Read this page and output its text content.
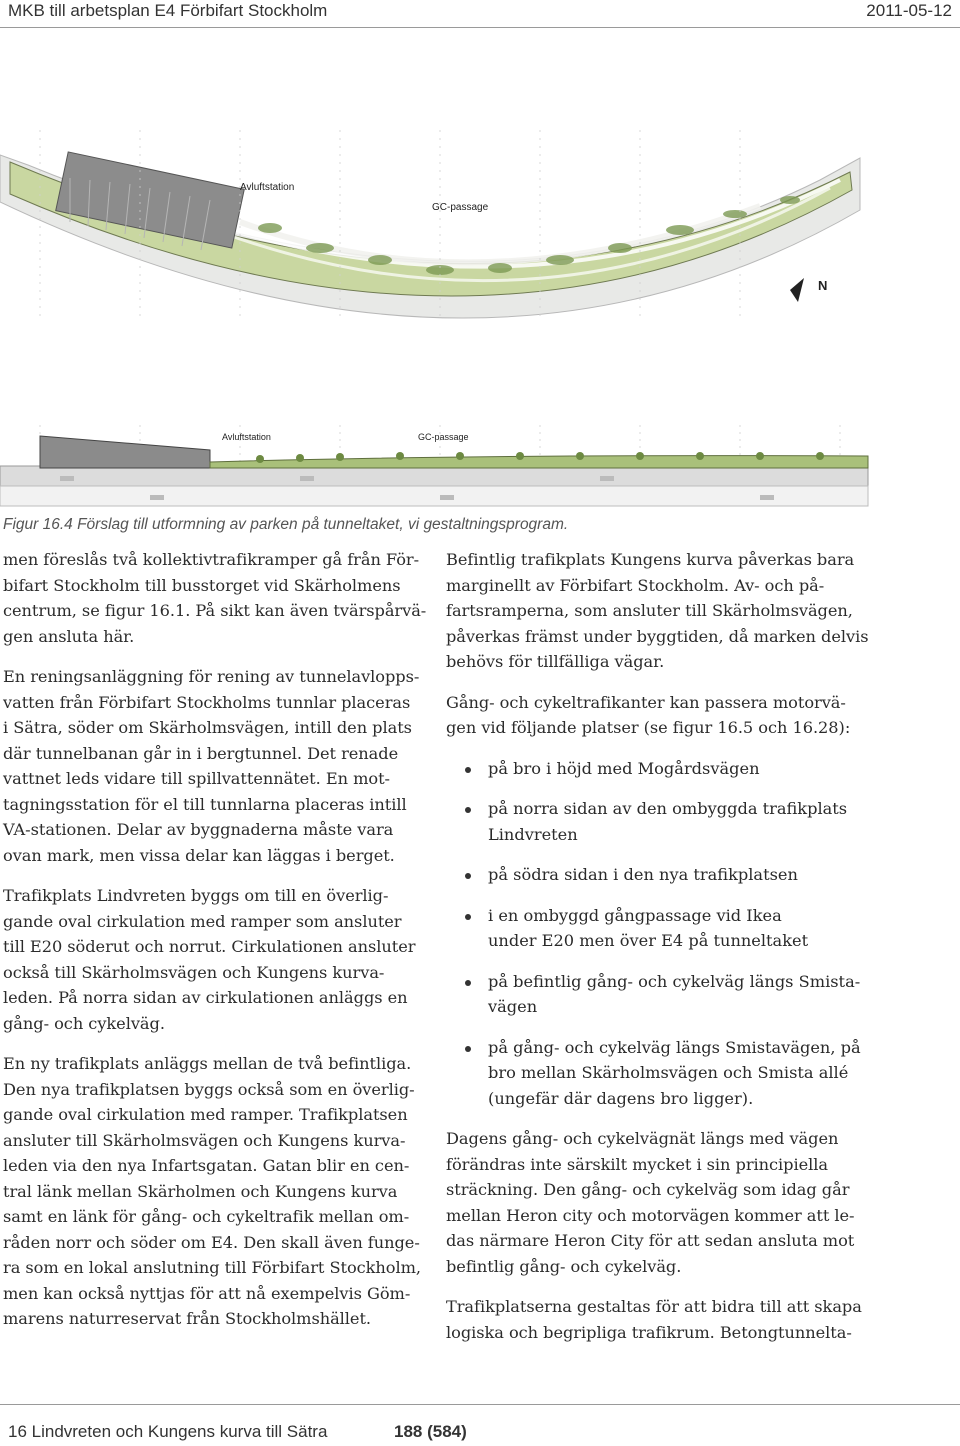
MKB till arbetsplan E4 Förbifart Stockholm	2011-05-12
Avluftstation
GC-passage
N
Avluftstation	GC-passage
Figur 16.4 Förslag till utformning av parken på tunneltaket, vi gestaltningsprogram.

men föreslås två kollektivtrafikramper gå från För-
bifart Stockholm till busstorget vid Skärholmens
centrum, se figur 16.1. På sikt kan även tvärspårvä-
gen ansluta här.

En reningsanläggning för rening av tunnelavlopps-
vatten från Förbifart Stockholms tunnlar placeras
i Sätra, söder om Skärholmsvägen, intill den plats
där tunnelbanan går in i bergtunnel. Det renade
vattnet leds vidare till spillvattennätet. En mot-
tagningsstation för el till tunnlarna placeras intill
VA-stationen. Delar av byggnaderna måste vara
ovan mark, men vissa delar kan läggas i berget.

Trafikplats Lindvreten byggs om till en överlig-
gande oval cirkulation med ramper som ansluter
till E20 söderut och norrut. Cirkulationen ansluter
också till Skärholmsvägen och Kungens kurva-
leden. På norra sidan av cirkulationen anläggs en
gång- och cykelväg.

En ny trafikplats anläggs mellan de två befintliga.
Den nya trafikplatsen byggs också som en överlig-
gande oval cirkulation med ramper. Trafikplatsen
ansluter till Skärholmsvägen och Kungens kurva-
leden via den nya Infartsgatan. Gatan blir en cen-
tral länk mellan Skärholmen och Kungens kurva
samt en länk för gång- och cykeltrafik mellan om-
råden norr och söder om E4. Den skall även funge-
ra som en lokal anslutning till Förbifart Stockholm,
men kan också nyttjas för att nå exempelvis Göm-
marens naturreservat från Stockholmshället.

Befintlig trafikplats Kungens kurva påverkas bara
marginellt av Förbifart Stockholm. Av- och på-
fartsramperna, som ansluter till Skärholmsvägen,
påverkas främst under byggtiden, då marken delvis
behövs för tillfälliga vägar.

Gång- och cykeltrafikanter kan passera motorvä-
gen vid följande platser (se figur 16.5 och 16.28):

på bro i höjd med Mogårdsvägen
på norra sidan av den ombyggda trafikplats
Lindvreten
på södra sidan i den nya trafikplatsen
i en ombyggd gångpassage vid Ikea
under E20 men över E4 på tunneltaket
på befintlig gång- och cykelväg längs Smista-
vägen
på gång- och cykelväg längs Smistavägen, på
bro mellan Skärholmsvägen och Smista allé
(ungefär där dagens bro ligger).

Dagens gång- och cykelvägnät längs med vägen
förändras inte särskilt mycket i sin principiella
sträckning. Den gång- och cykelväg som idag går
mellan Heron city och motorvägen kommer att le-
das närmare Heron City för att sedan ansluta mot
befintlig gång- och cykelväg.

Trafikplatserna gestaltas för att bidra till att skapa
logiska och begripliga trafikrum. Betongtunnelta-

16 Lindvreten och Kungens kurva till Sätra	188 (584)
